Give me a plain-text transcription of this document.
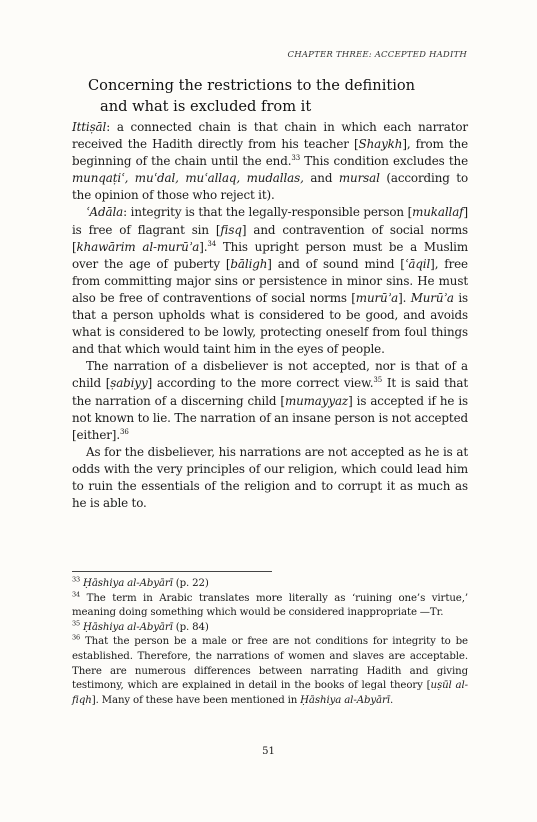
CHAPTER THREE: ACCEPTED HADITH
Concerning the restrictions to the definition
and what is excluded from it

Ittiṣāl: a connected chain is that chain in which each narrator received the Hadith directly from his teacher [Shaykh], from the beginning of the chain until the end.$^{33}$ This condition excludes the munqaṭiʿ, muʿdal, muʿallaq, mudallas, and mursal (according to the opinion of those who reject it).

ʿAdāla: integrity is that the legally-responsible person [mukallaf] is free of flagrant sin [fisq] and contravention of social norms [khawārim al-murūʾa].$^{34}$ This upright person must be a Muslim over the age of puberty [bāligh] and of sound mind [ʿāqil], free from committing major sins or persistence in minor sins. He must also be free of contraventions of social norms [murūʾa]. Murūʾa is that a person upholds what is considered to be good, and avoids what is considered to be lowly, protecting oneself from foul things and that which would taint him in the eyes of people.

The narration of a disbeliever is not accepted, nor is that of a child [ṣabiyy] according to the more correct view.$^{35}$ It is said that the narration of a discerning child [mumayyaz] is accepted if he is not known to lie. The narration of an insane person is not accepted [either].$^{36}$

As for the disbeliever, his narrations are not accepted as he is at odds with the very principles of our religion, which could lead him to ruin the essentials of the religion and to corrupt it as much as he is able to.

$^{33}$ Ḥāshiya al-Abyārī (p. 22)

$^{34}$ The term in Arabic translates more literally as ‘ruining one’s virtue,’ meaning doing something which would be considered inappropriate —Tr.

$^{35}$ Ḥāshiya al-Abyārī (p. 84)

$^{36}$ That the person be a male or free are not conditions for integrity to be established. Therefore, the narrations of women and slaves are acceptable. There are numerous differences between narrating Hadith and giving testimony, which are explained in detail in the books of legal theory [uṣūl al-fiqh]. Many of these have been mentioned in Ḥāshiya al-Abyārī.

51
